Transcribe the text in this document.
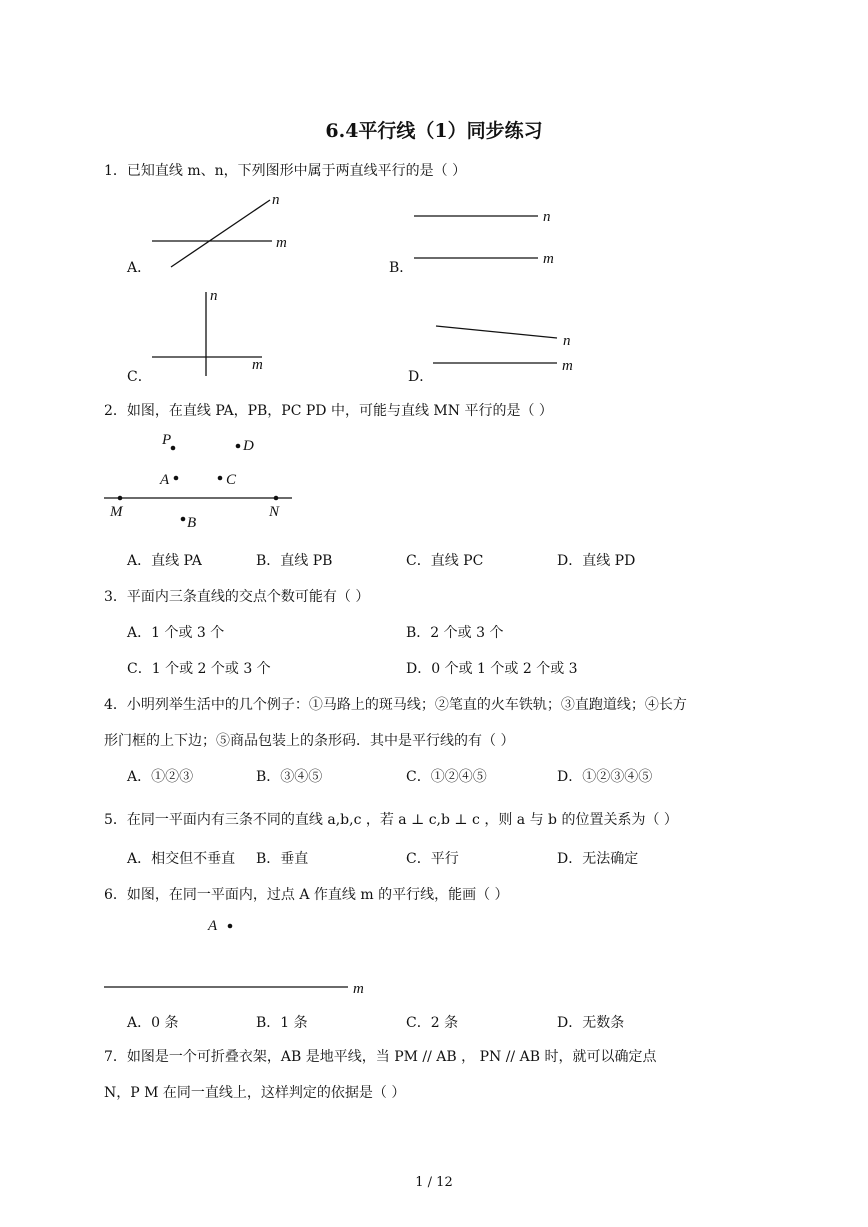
6.4平行线（1）同步练习
1．已知直线 m、n，下列图形中属于两直线平行的是（ ）
A．
n
m
n
m
n
m
n
m
P	D
A	C
M	N
B
A
m
B．
C．	D．
2．如图，在直线 PA，PB，PC PD 中，可能与直线 MN 平行的是（ ）
A．直线 PA	B．直线 PB	C．直线 PC	D．直线 PD
3．平面内三条直线的交点个数可能有（ ）
A．1 个或 3 个	B．2 个或 3 个
C．1 个或 2 个或 3 个	D．0 个或 1 个或 2 个或 3
4．小明列举生活中的几个例子：①马路上的斑马线；②笔直的火车铁轨；③直跑道线；④长方
形门框的上下边；⑤商品包装上的条形码．其中是平行线的有（ ）
A．①②③	B．③④⑤	C．①②④⑤	D．①②③④⑤
5．在同一平面内有三条不同的直线 a,b,c ，若 a ⊥ c,b ⊥ c ，则 a 与 b 的位置关系为（ ）
A．相交但不垂直 B．垂直	C．平行	D．无法确定
6．如图，在同一平面内，过点 A 作直线 m 的平行线，能画（ ）
A．0 条	B．1 条	C．2 条	D．无数条
7．如图是一个可折叠衣架，AB 是地平线，当 PM // AB ， PN // AB 时，就可以确定点
N，P M 在同一直线上，这样判定的依据是（ ）
1 / 12
